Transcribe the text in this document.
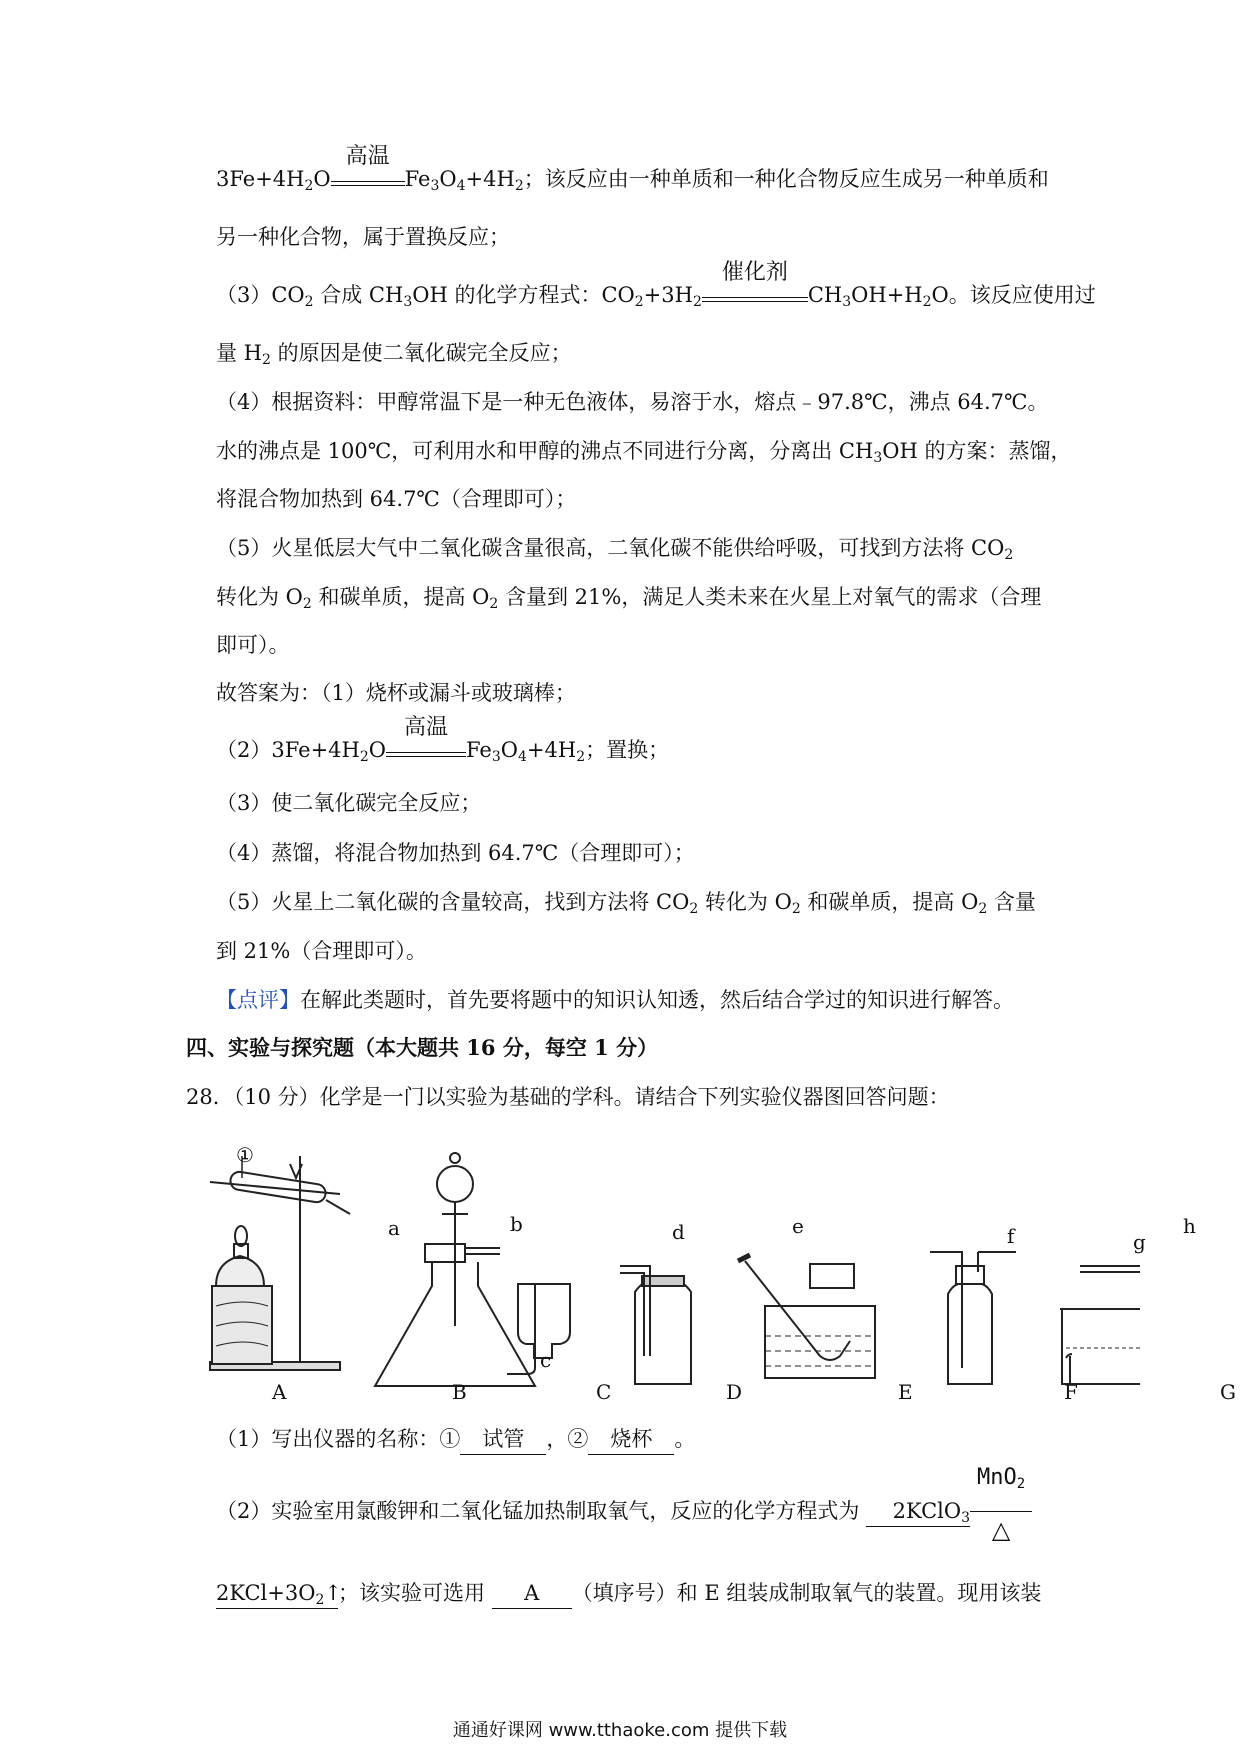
$3Fe+4H_2O$
高温
$Fe_3O_4+4H_2$；该反应由一种单质和一种化合物反应生成另一种单质和
另一种化合物，属于置换反应；
$(3)CO_2$ 合成 $CH_3OH$ 的化学方程式：$CO_2+3H_2$
催化剂
$CH_3OH+H_2O$。该反应使用过
量 $H_2$ 的原因是使二氧化碳完全反应；
（4）根据资料：甲醇常温下是一种无色液体，易溶于水，熔点﹣97.8℃，沸点 64.7℃。
水的沸点是 100℃，可利用水和甲醇的沸点不同进行分离，分离出 $CH_3OH$ 的方案：蒸馏，
将混合物加热到 64.7℃（合理即可）；
（5）火星低层大气中二氧化碳含量很高，二氧化碳不能供给呼吸，可找到方法将 $CO_2$
转化为 $O_2$ 和碳单质，提高 $O_2$ 含量到 21%，满足人类未来在火星上对氧气的需求（合理
即可）。
故答案为：（1）烧杯或漏斗或玻璃棒；
$(2)3Fe+4H_2O$
高温
$Fe_3O_4+4H_2$；置换；
（3）使二氧化碳完全反应；
（4）蒸馏，将混合物加热到 64.7℃（合理即可）；
（5）火星上二氧化碳的含量较高，找到方法将 $CO_2$ 转化为 $O_2$ 和碳单质，提高 $O_2$ 含量
到 21%（合理即可）。
【点评】在解此类题时，首先要将题中的知识认知透，然后结合学过的知识进行解答。
四、实验与探究题（本大题共 16 分，每空 1 分）
28．（10 分）化学是一门以实验为基础的学科。请结合下列实验仪器图回答问题：
①
a	b
c
d	e	f	g
h
A	B	C	D	E	F	G
（1）写出仪器的名称：① 试管 ，② 烧杯 。
（2）实验室用氯酸钾和二氧化锰加热制取氧气，反应的化学方程式为 2KClO$_3$
MnO$_2$
△
$2KCl+3O_2↑$；该实验可选用 A （填序号）和 E 组装成制取氧气的装置。现用该装
通通好课网 www.tthaoke.com 提供下载
